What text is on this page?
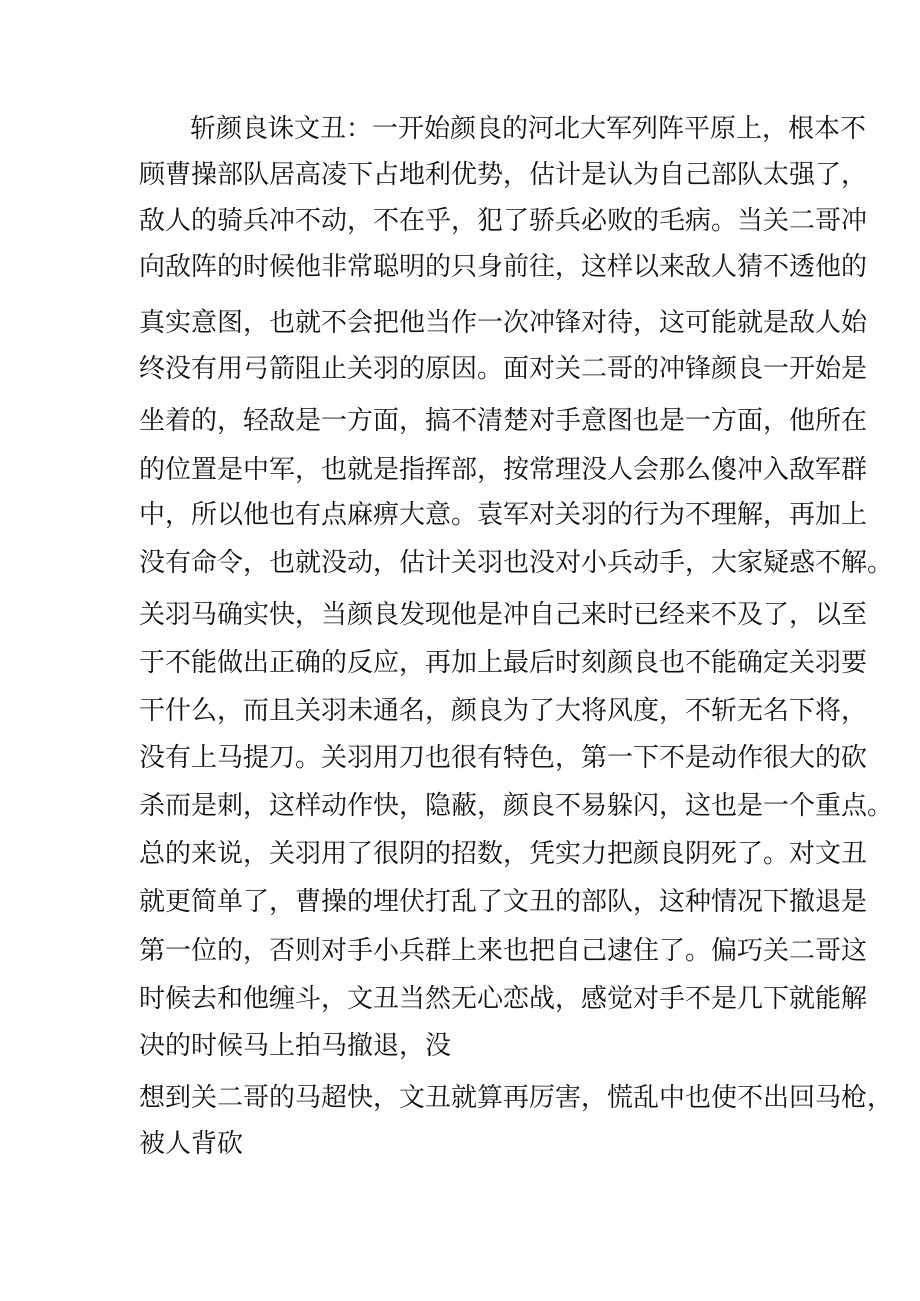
斩颜良诛文丑：一开始颜良的河北大军列阵平原上，根本不
顾曹操部队居高凌下占地利优势，估计是认为自己部队太强了，
敌人的骑兵冲不动，不在乎，犯了骄兵必败的毛病。当关二哥冲
向敌阵的时候他非常聪明的只身前往，这样以来敌人猜不透他的
真实意图，也就不会把他当作一次冲锋对待，这可能就是敌人始
终没有用弓箭阻止关羽的原因。面对关二哥的冲锋颜良一开始是
坐着的，轻敌是一方面，搞不清楚对手意图也是一方面，他所在
的位置是中军，也就是指挥部，按常理没人会那么傻冲入敌军群
中，所以他也有点麻痹大意。袁军对关羽的行为不理解，再加上
没有命令，也就没动，估计关羽也没对小兵动手，大家疑惑不解。
关羽马确实快，当颜良发现他是冲自己来时已经来不及了，以至
于不能做出正确的反应，再加上最后时刻颜良也不能确定关羽要
干什么，而且关羽未通名，颜良为了大将风度，不斩无名下将，
没有上马提刀。关羽用刀也很有特色，第一下不是动作很大的砍
杀而是刺，这样动作快，隐蔽，颜良不易躲闪，这也是一个重点。
总的来说，关羽用了很阴的招数，凭实力把颜良阴死了。对文丑
就更简单了，曹操的埋伏打乱了文丑的部队，这种情况下撤退是
第一位的，否则对手小兵群上来也把自己逮住了。偏巧关二哥这
时候去和他缠斗，文丑当然无心恋战，感觉对手不是几下就能解
决的时候马上拍马撤退，没
想到关二哥的马超快，文丑就算再厉害，慌乱中也使不出回马枪，
被人背砍
